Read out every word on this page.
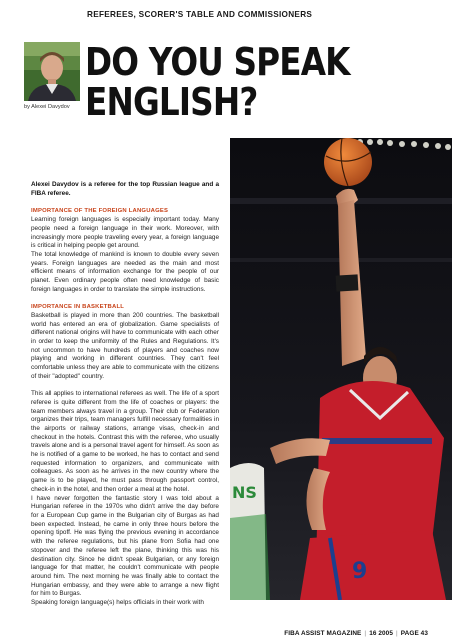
REFEREES, SCORER'S TABLE AND COMMISSIONERS
DO YOU SPEAK
ENGLISH?
by Alexei Davydov
9
NS

Alexei Davydov is a referee for the top Russian league and a FIBA referee.

IMPORTANCE OF THE FOREIGN LANGUAGES

Learning foreign languages is especially important today. Many people need a foreign language in their work. Moreover, with increasingly more people traveling every year, a foreign language is critical in helping people get around.

The total knowledge of mankind is known to double every seven years. Foreign languages are needed as the main and most efficient means of information exchange for the people of our planet. Even ordinary people often need knowledge of basic foreign languages in order to translate the simple instructions.

IMPORTANCE IN BASKETBALL

Basketball is played in more than 200 countries. The basketball world has entered an era of globalization. Game specialists of different national origins will have to communicate with each other in order to keep the uniformity of the Rules and Regulations. It's not uncommon to have hundreds of players and coaches now playing and working in different countries. They can't feel comfortable unless they are able to communicate with the citizens of their "adopted" country.

This all applies to international referees as well. The life of a sport referee is quite different from the life of coaches or players: the team members always travel in a group. Their club or Federation organizes their trips, team managers fulfill necessary formalities in the airports or railway stations, arrange visas, check-in and checkout in the hotels. Contrast this with the referee, who usually travels alone and is a personal travel agent for himself. As soon as he is notified of a game to be worked, he has to contact and send requested information to organizers, and communicate with colleagues. As soon as he arrives in the new country where the game is to be played, he must pass through passport control, check-in in the hotel, and then order a meal at the hotel.

I have never forgotten the fantastic story I was told about a Hungarian referee in the 1970s who didn't arrive the day before for a European Cup game in the Bulgarian city of Burgas as had been expected. Instead, he came in only three hours before the opening tipoff. He was flying the previous evening in accordance with the referee regulations, but his plane from Sofia had one stopover and the referee left the plane, thinking this was his destination city. Since he didn't speak Bulgarian, or any foreign language for that matter, he couldn't communicate with people around him. The next morning he was finally able to contact the Hungarian embassy, and they were able to arrange a new flight for him to Burgas.

Speaking foreign language(s) helps officials in their work with

FIBA ASSIST MAGAZINE | 16 2005 | PAGE 43
